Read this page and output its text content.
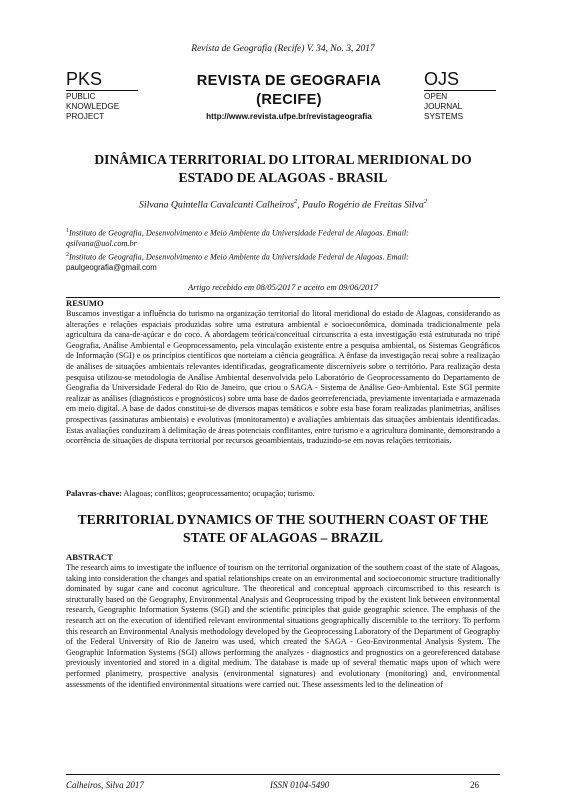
Revista de Geografia (Recife) V. 34, No. 3, 2017
PKS
PUBLIC
KNOWLEDGE
PROJECT
REVISTA DE GEOGRAFIA
(RECIFE)
http://www.revista.ufpe.br/revistageografia
OJS
OPEN
JOURNAL
SYSTEMS
DINÂMICA TERRITORIAL DO LITORAL MERIDIONAL DO
ESTADO DE ALAGOAS - BRASIL
Silvana Quintella Cavalcanti Calheiros$^2$, Paulo Rogério de Freitas Silva$^2$
$^1$Instituto de Geografia, Desenvolvimento e Meio Ambiente da Universidade Federal de Alagoas. Email:
qsilvana@uol.com.br
$^2$Instituto de Geografia, Desenvolvimento e Meio Ambiente da Universidade Federal de Alagoas. Email:
paulgeografia@gmail.com
Artigo recebido em 08/05/2017 e aceito em 09/06/2017
RESUMO
Buscamos investigar a influência do turismo na organização territorial do litoral meridional do estado de Alagoas, considerando as alterações e relações espaciais produzidas sobre uma estrutura ambiental e socioeconômica, dominada tradicionalmente pela agricultura da cana-de-açúcar e do coco. A abordagem teórica/conceitual circunscrita a esta investigação está estruturada no tripé Geografia, Análise Ambiental e Geoprocessamento, pela vinculação existente entre a pesquisa ambiental, os Sistemas Geográficos de Informação (SGI) e os princípios científicos que norteiam a ciência geográfica. A ênfase da investigação recai sobre a realização de análises de situações ambientais relevantes identificadas, geograficamente discerníveis sobre o território. Para realização desta pesquisa utilizou-se metodologia de Análise Ambiental desenvolvida pelo Laboratório de Geoprocessamento do Departamento de Geografia da Universidade Federal do Rio de Janeiro, que criou o SAGA - Sistema de Análise Geo-Ambiental. Este SGI permite realizar as análises (diagnósticos e prognósticos) sobre uma base de dados georreferenciada, previamente inventariada e armazenada em meio digital. A base de dados constitui-se de diversos mapas temáticos e sobre esta base foram realizadas planimetrias, análises prospectivas (assinaturas ambientais) e evolutivas (monitoramento) e avaliações ambientais das situações ambientais identificadas. Estas avaliações conduziram à delimitação de áreas potenciais conflitantes, entre turismo e a agricultura dominante, demonstrando a ocorrência de situações de disputa territorial por recursos geoambientais, traduzindo-se em novas relações territoriais.
Palavras-chave: Alagoas; conflitos; geoprocessamento; ocupação; turismo.
TERRITORIAL DYNAMICS OF THE SOUTHERN COAST OF THE
STATE OF ALAGOAS – BRAZIL
ABSTRACT
The research aims to investigate the influence of tourism on the territorial organization of the southern coast of the state of Alagoas, taking into consideration the changes and spatial relationships create on an environmental and socioeconomic structure traditionally dominated by sugar cane and coconut agriculture. The theoretical and conceptual approach circumscribed to this research is structurally based on the Geography, Environmental Analysis and Geoprocessing tripod by the existent link between environmental research, Geographic Information Systems (SGI) and the scientific principles that guide geographic science. The emphasis of the research act on the execution of identified relevant environmental situations geographically discernible to the territory. To perform this research an Environmental Analysis methodology developed by the Geoprocessing Laboratory of the Department of Geography of the Federal University of Rio de Janeiro was used, which created the SAGA - Geo-Environmental Analysis System. The Geographic Information Systems (SGI) allows performing the analyzes - diagnostics and prognostics on a georeferenced database previously inventoried and stored in a digital medium. The database is made up of several thematic maps upon of which were performed planimetry, prospective analysis (environmental signatures) and evolutionary (monitoring) and, environmental assessments of the identified environmental situations were carried out. These assessments led to the delineation of
Calheiros, Silva 2017	ISSN 0104-5490	26
